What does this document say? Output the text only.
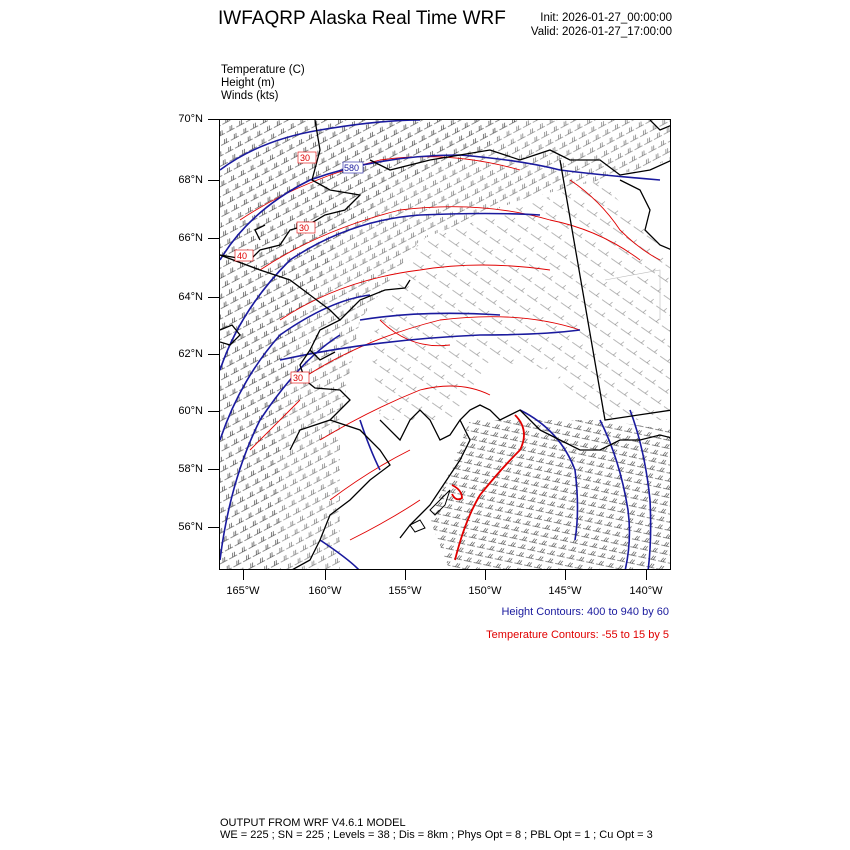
IWFAQRP Alaska Real Time WRF	Init: 2026-01-27_00:00:00
Valid: 2026-01-27_17:00:00
Temperature (C)
Height (m)
Winds (kts)
70°N
68°N
66°N
64°N
62°N
60°N
58°N
56°N
165°W	160°W	155°W	150°W	145°W	140°W
30
30
30
40
580
Height Contours: 400 to 940 by 60
Temperature Contours: -55 to 15 by 5
OUTPUT FROM WRF V4.6.1 MODEL
WE = 225 ; SN = 225 ; Levels = 38 ; Dis = 8km ; Phys Opt = 8 ; PBL Opt = 1 ; Cu Opt = 3
